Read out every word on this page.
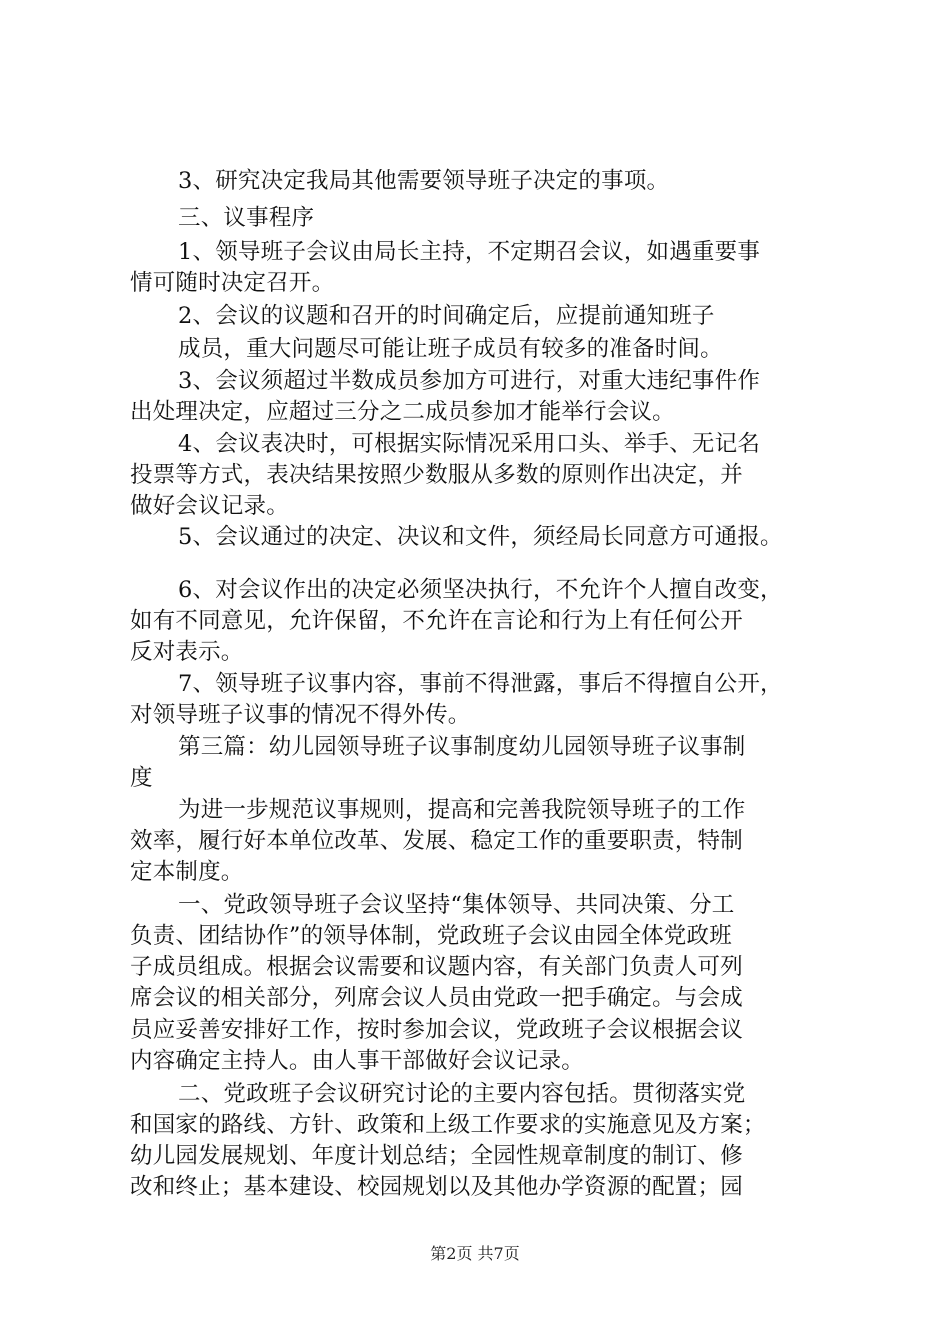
3、研究决定我局其他需要领导班子决定的事项。
三、议事程序
1、领导班子会议由局长主持，不定期召会议，如遇重要事
情可随时决定召开。
2、会议的议题和召开的时间确定后，应提前通知班子
成员，重大问题尽可能让班子成员有较多的准备时间。
3、会议须超过半数成员参加方可进行，对重大违纪事件作
出处理决定，应超过三分之二成员参加才能举行会议。
4、会议表决时，可根据实际情况采用口头、举手、无记名
投票等方式，表决结果按照少数服从多数的原则作出决定，并
做好会议记录。
5、会议通过的决定、决议和文件，须经局长同意方可通报。
6、对会议作出的决定必须坚决执行，不允许个人擅自改变，
如有不同意见，允许保留，不允许在言论和行为上有任何公开
反对表示。
7、领导班子议事内容，事前不得泄露，事后不得擅自公开，
对领导班子议事的情况不得外传。
第三篇：幼儿园领导班子议事制度幼儿园领导班子议事制
度
为进一步规范议事规则，提高和完善我院领导班子的工作
效率，履行好本单位改革、发展、稳定工作的重要职责，特制
定本制度。
一、党政领导班子会议坚持“集体领导、共同决策、分工
负责、团结协作”的领导体制，党政班子会议由园全体党政班
子成员组成。根据会议需要和议题内容，有关部门负责人可列
席会议的相关部分，列席会议人员由党政一把手确定。与会成
员应妥善安排好工作，按时参加会议，党政班子会议根据会议
内容确定主持人。由人事干部做好会议记录。
二、党政班子会议研究讨论的主要内容包括。贯彻落实党
和国家的路线、方针、政策和上级工作要求的实施意见及方案；
幼儿园发展规划、年度计划总结；全园性规章制度的制订、修
改和终止；基本建设、校园规划以及其他办学资源的配置；园
第2页 共7页
